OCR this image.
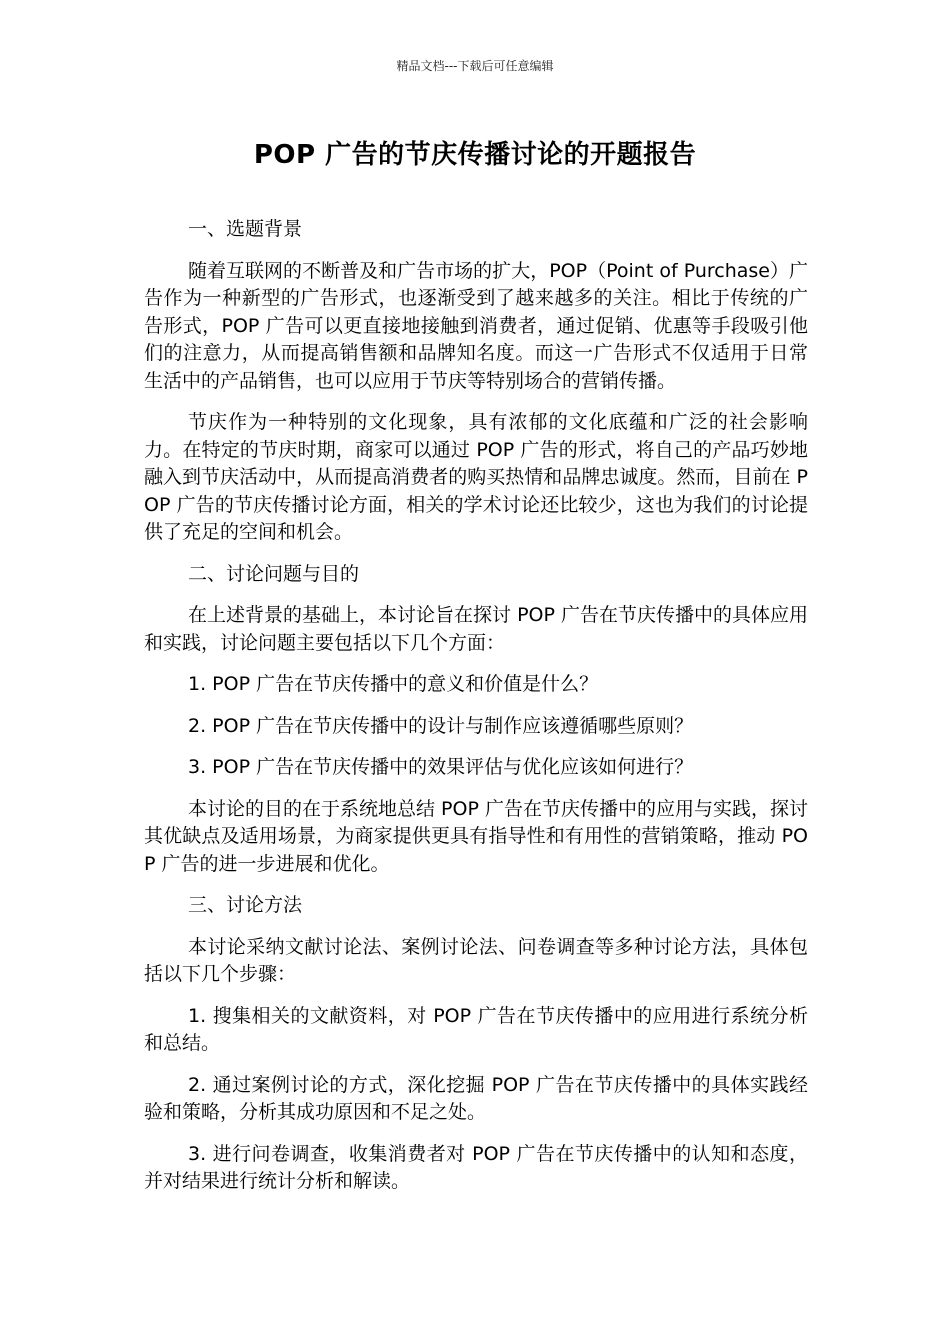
精品文档---下载后可任意编辑
POP 广告的节庆传播讨论的开题报告

一、选题背景

随着互联网的不断普及和广告市场的扩大，POP（Point of Purchase）广告作为一种新型的广告形式，也逐渐受到了越来越多的关注。相比于传统的广告形式，POP 广告可以更直接地接触到消费者，通过促销、优惠等手段吸引他们的注意力，从而提高销售额和品牌知名度。而这一广告形式不仅适用于日常生活中的产品销售，也可以应用于节庆等特别场合的营销传播。

节庆作为一种特别的文化现象，具有浓郁的文化底蕴和广泛的社会影响力。在特定的节庆时期，商家可以通过 POP 广告的形式，将自己的产品巧妙地融入到节庆活动中，从而提高消费者的购买热情和品牌忠诚度。然而，目前在 POP 广告的节庆传播讨论方面，相关的学术讨论还比较少，这也为我们的讨论提供了充足的空间和机会。

二、讨论问题与目的

在上述背景的基础上，本讨论旨在探讨 POP 广告在节庆传播中的具体应用和实践，讨论问题主要包括以下几个方面：

1. POP 广告在节庆传播中的意义和价值是什么？

2. POP 广告在节庆传播中的设计与制作应该遵循哪些原则？

3. POP 广告在节庆传播中的效果评估与优化应该如何进行？

本讨论的目的在于系统地总结 POP 广告在节庆传播中的应用与实践，探讨其优缺点及适用场景，为商家提供更具有指导性和有用性的营销策略，推动 POP 广告的进一步进展和优化。

三、讨论方法

本讨论采纳文献讨论法、案例讨论法、问卷调查等多种讨论方法，具体包括以下几个步骤：

1. 搜集相关的文献资料，对 POP 广告在节庆传播中的应用进行系统分析和总结。

2. 通过案例讨论的方式，深化挖掘 POP 广告在节庆传播中的具体实践经验和策略，分析其成功原因和不足之处。

3. 进行问卷调查，收集消费者对 POP 广告在节庆传播中的认知和态度，并对结果进行统计分析和解读。
